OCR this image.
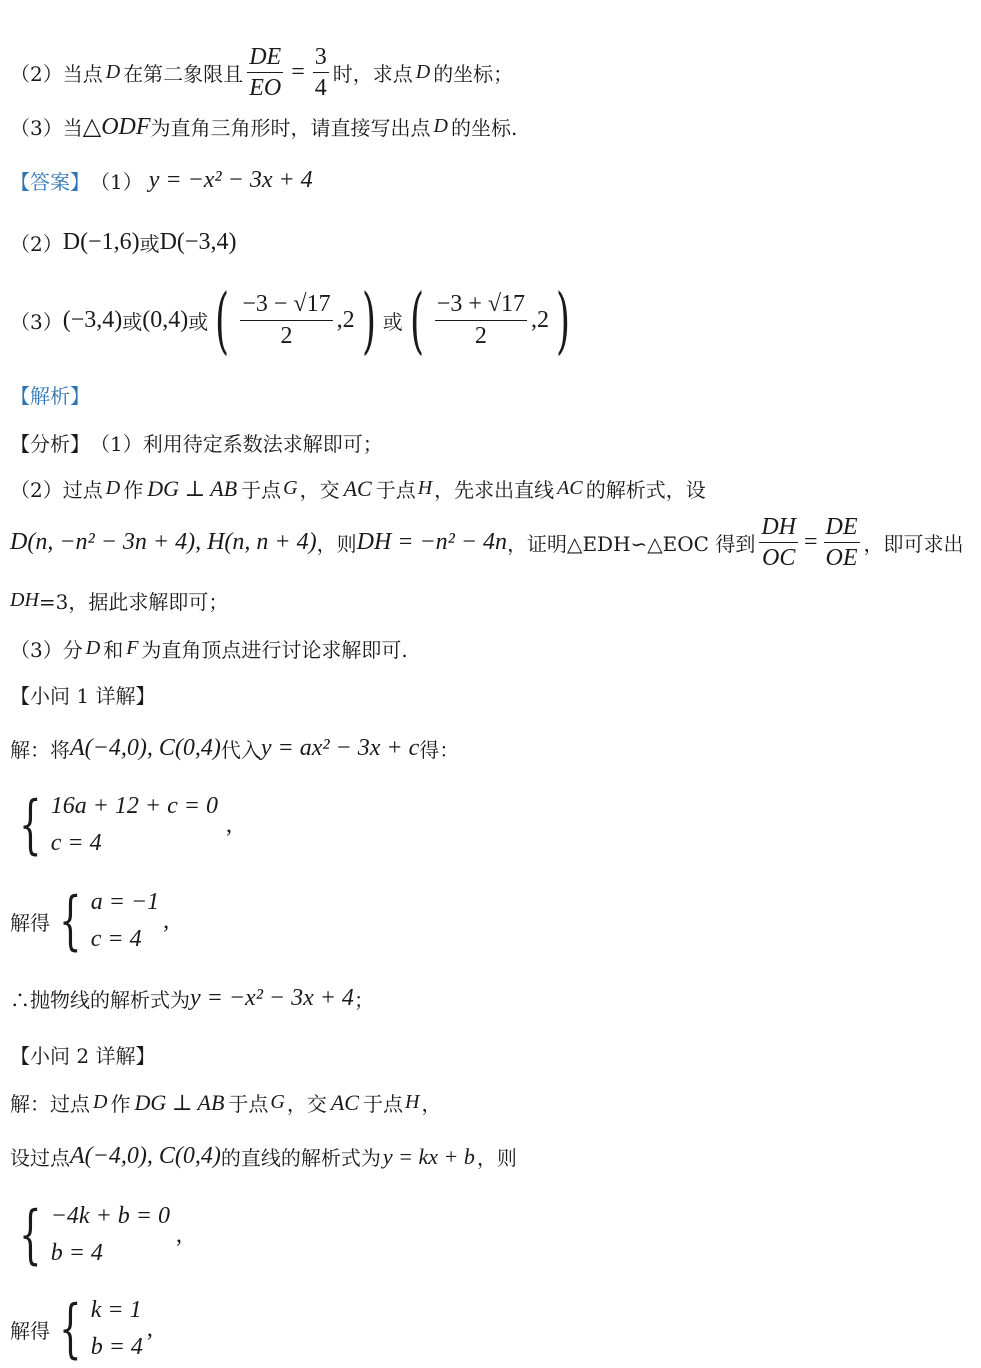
（2）当点 D 在第二象限且 $\frac{DE}{EO} = \frac{3}{4}$ 时，求点 D 的坐标；
（3）当 △ODF 为直角三角形时，请直接写出点 D 的坐标.
【答案】 （1） y = −x² − 3x + 4
（2） D(−1,6) 或 D(−3,4)
（3） (−3,4) 或 (0,4) 或 ( $\frac{-3 - √17}{2} ,2$ ) 或 ( $\frac{-3 + √17}{2} ,2$ )
【解析】
【分析】 （1）利用待定系数法求解即可；
（2）过点 D 作 DG ⊥ AB 于点 G ，交 AC 于点 H ，先求出直线 AC 的解析式，设
D(n, −n² − 3n + 4), H(n, n + 4) ，则 DH = −n² − 4n ，证明△EDH∽△EOC 得到 $\frac{DH}{OC} = \frac{DE}{OE}$ ，即可求出
DH =3，据此求解即可；
（3）分 D 和 F 为直角顶点进行讨论求解即可.
【小问 1 详解】
解：将 A(−4,0), C(0,4) 代入 y = ax² − 3x + c 得：
{ 16a + 12 + c = 0
c = 4
,
解得 { a = −1
c = 4
,
∴抛物线的解析式为 y = −x² − 3x + 4 ；
【小问 2 详解】
解：过点 D 作 DG ⊥ AB 于点 G ，交 AC 于点 H ，
设过点 A(−4,0), C(0,4) 的直线的解析式为 y = kx + b ，则
{ −4k + b = 0
b = 4
,
解得 { k = 1
b = 4
,
